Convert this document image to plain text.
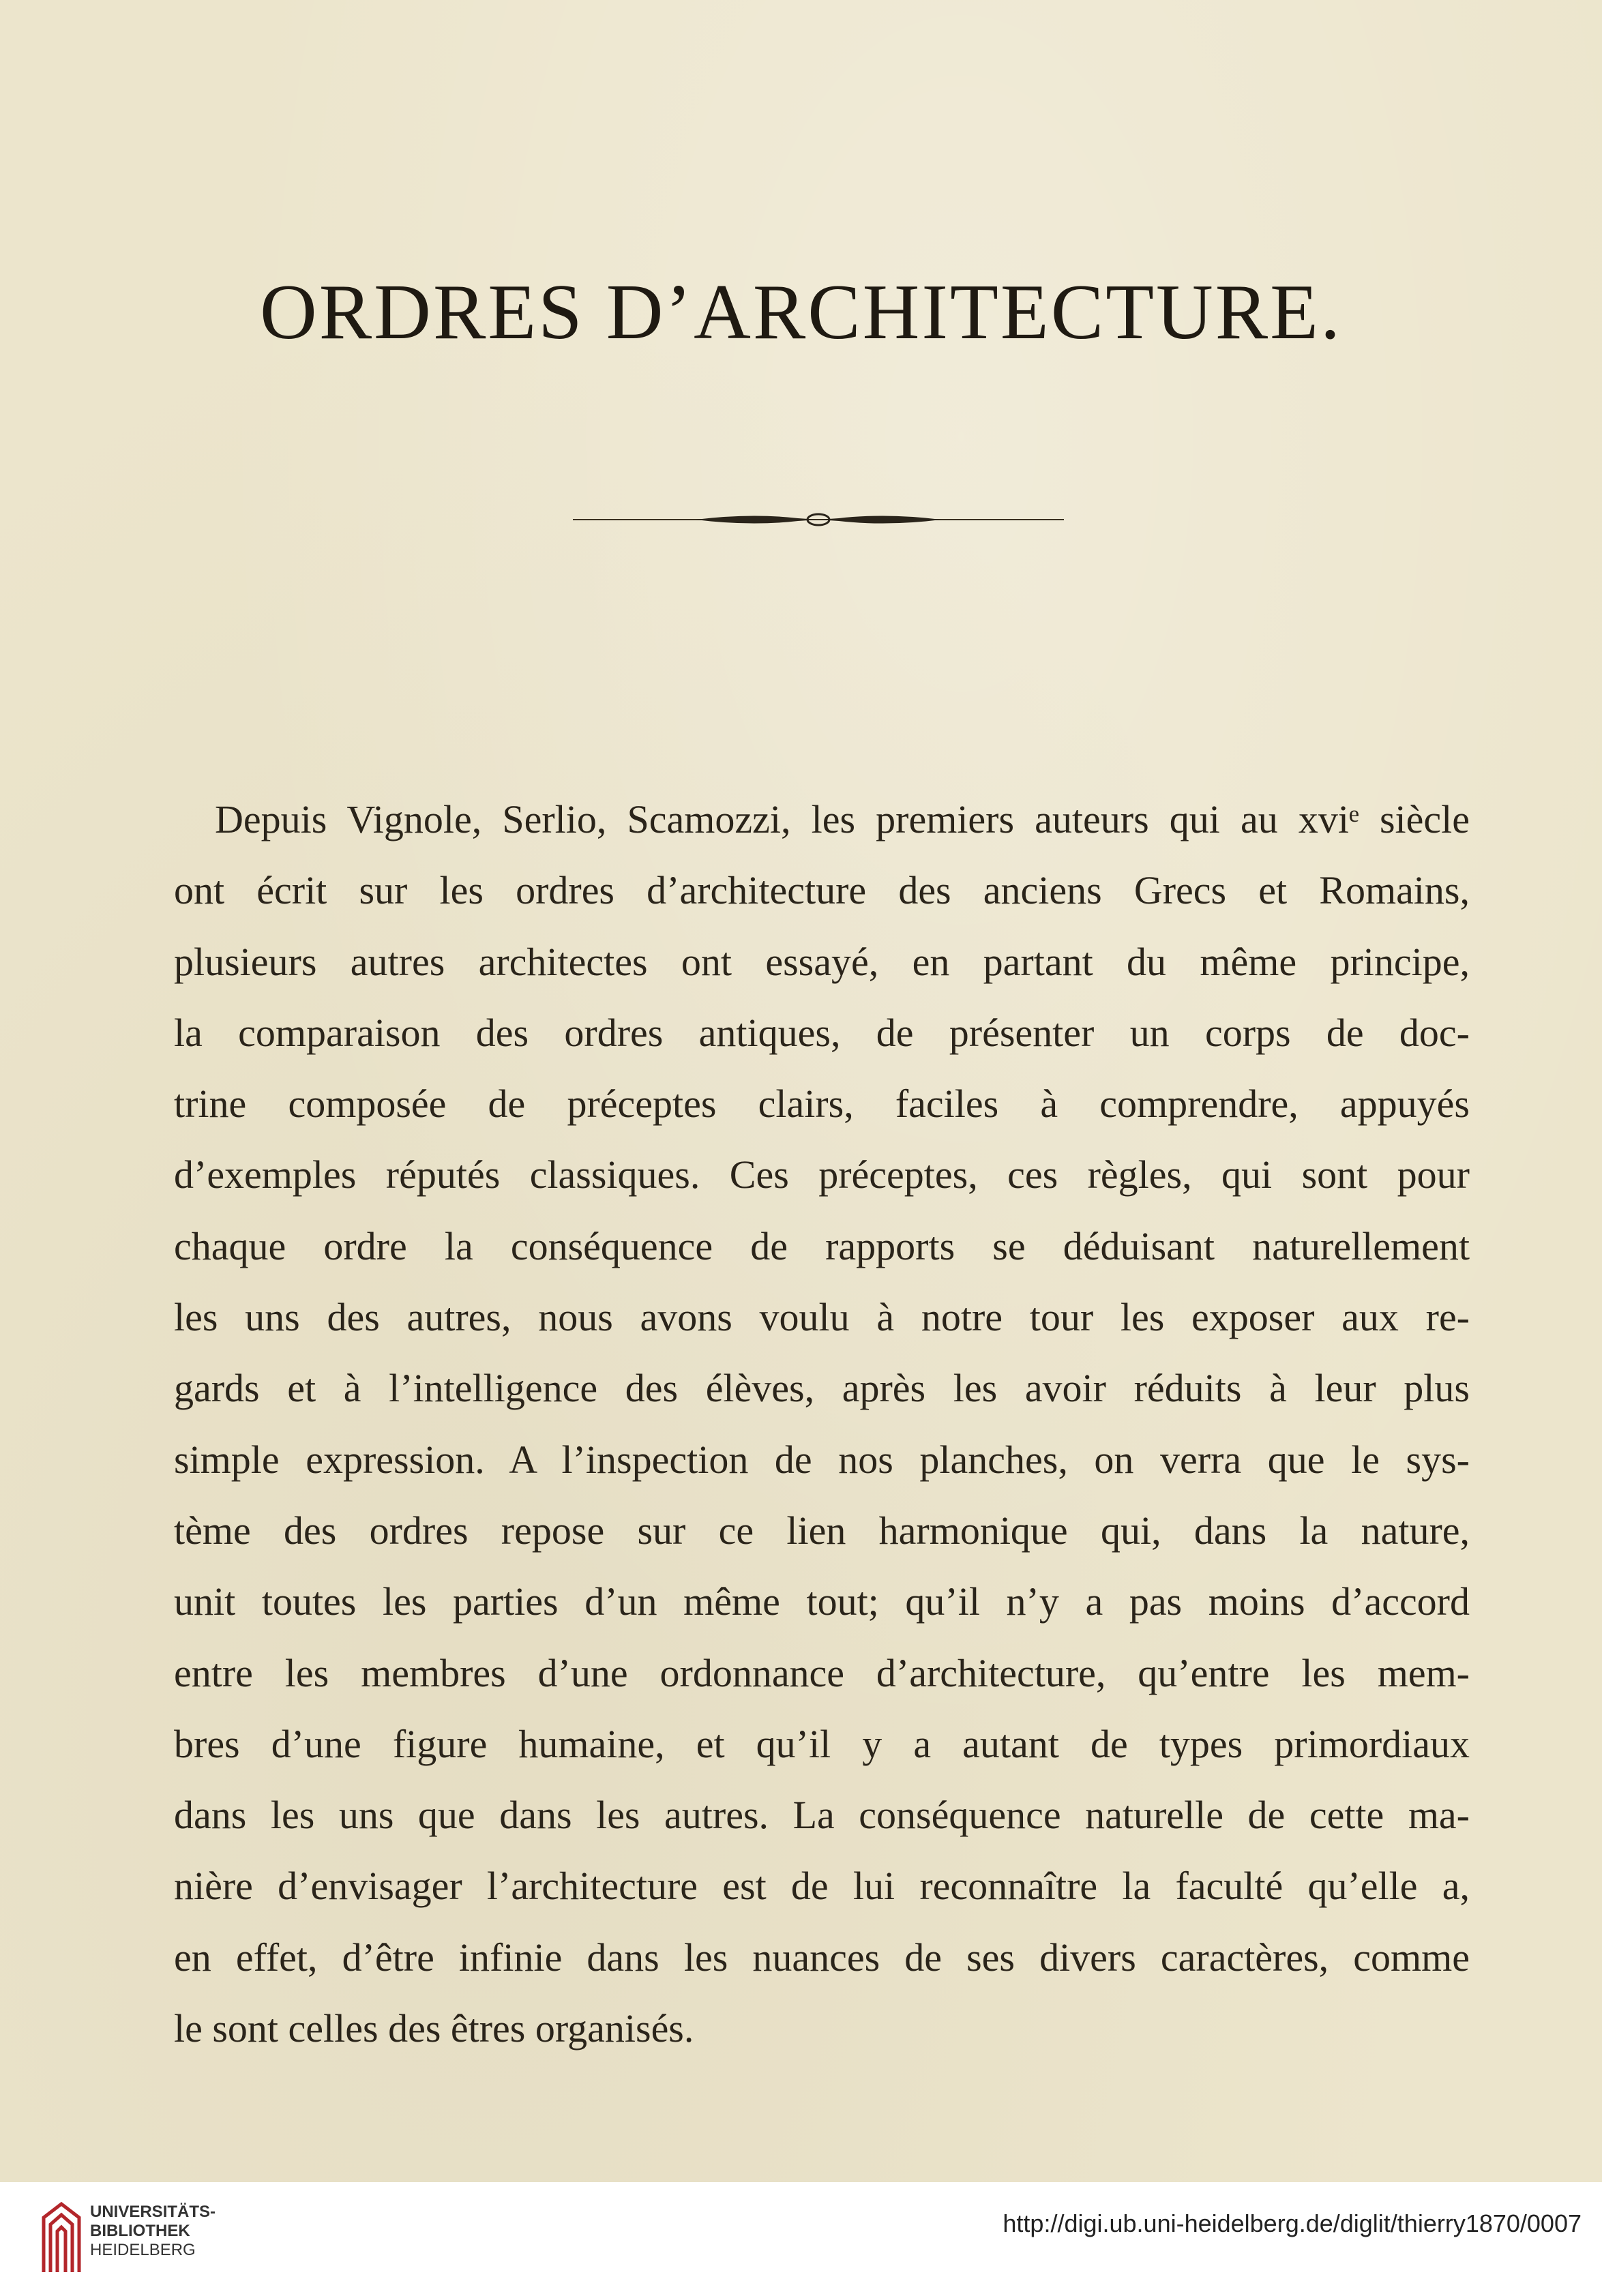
ORDRES D’ARCHITECTURE.
Depuis Vignole, Serlio, Scamozzi, les premiers auteurs qui au xviᵉ siècle
ont écrit sur les ordres d’architecture des anciens Grecs et Romains,
plusieurs autres architectes ont essayé, en partant du même principe,
la comparaison des ordres antiques, de présenter un corps de doc-
trine composée de préceptes clairs, faciles à comprendre, appuyés
d’exemples réputés classiques. Ces préceptes, ces règles, qui sont pour
chaque ordre la conséquence de rapports se déduisant naturellement
les uns des autres, nous avons voulu à notre tour les exposer aux re-
gards et à l’intelligence des élèves, après les avoir réduits à leur plus
simple expression. A l’inspection de nos planches, on verra que le sys-
tème des ordres repose sur ce lien harmonique qui, dans la nature,
unit toutes les parties d’un même tout; qu’il n’y a pas moins d’accord
entre les membres d’une ordonnance d’architecture, qu’entre les mem-
bres d’une figure humaine, et qu’il y a autant de types primordiaux
dans les uns que dans les autres. La conséquence naturelle de cette ma-
nière d’envisager l’architecture est de lui reconnaître la faculté qu’elle a,
en effet, d’être infinie dans les nuances de ses divers caractères, comme
le sont celles des êtres organisés.
UNIVERSITÄTS-
BIBLIOTHEK
HEIDELBERG
http://digi.ub.uni-heidelberg.de/diglit/thierry1870/0007
